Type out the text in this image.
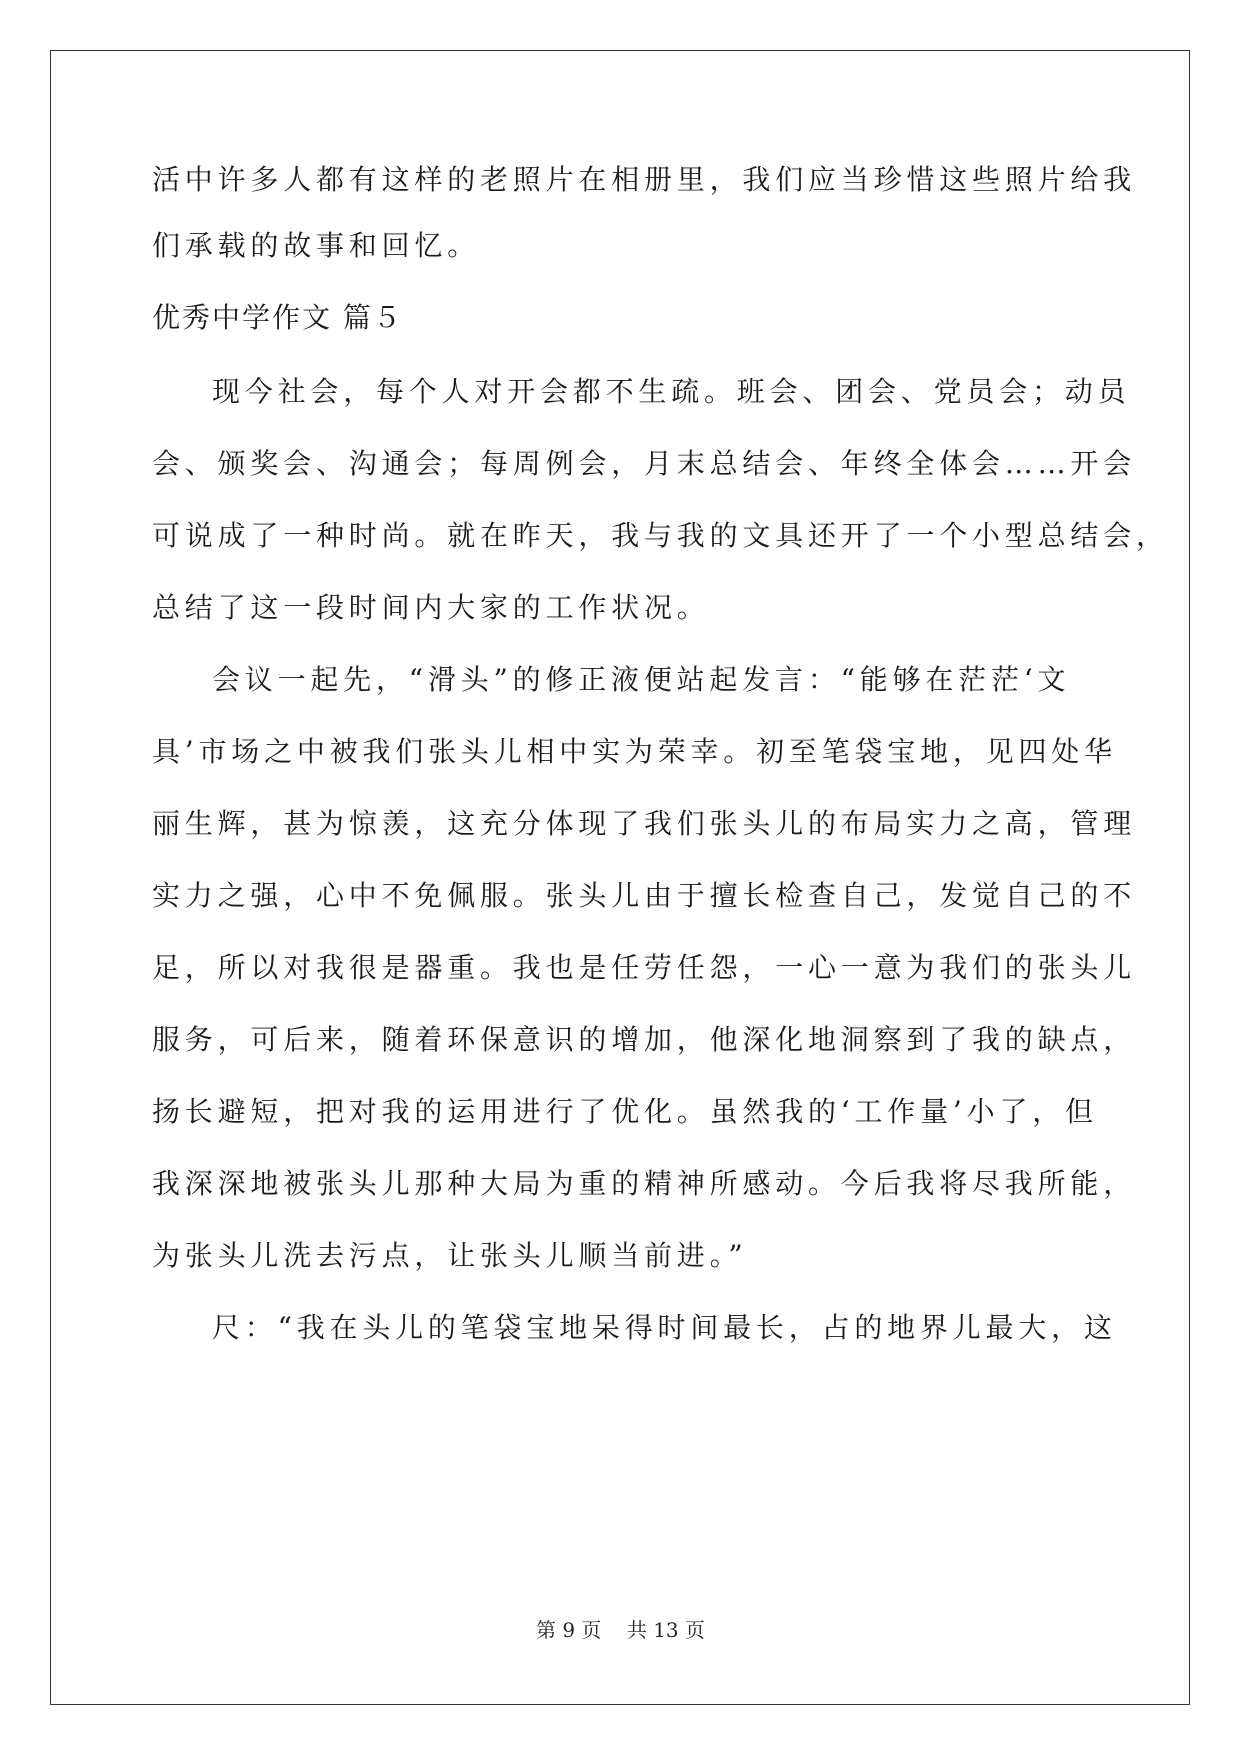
活中许多人都有这样的老照片在相册里，我们应当珍惜这些照片给我
们承载的故事和回忆。
优秀中学作文 篇５
现今社会，每个人对开会都不生疏。班会、团会、党员会；动员
会、颁奖会、沟通会；每周例会，月末总结会、年终全体会……开会
可说成了一种时尚。就在昨天，我与我的文具还开了一个小型总结会，
总结了这一段时间内大家的工作状况。
会议一起先，“滑头”的修正液便站起发言：“能够在茫茫‘文
具’市场之中被我们张头儿相中实为荣幸。初至笔袋宝地，见四处华
丽生辉，甚为惊羡，这充分体现了我们张头儿的布局实力之高，管理
实力之强，心中不免佩服。张头儿由于擅长检查自己，发觉自己的不
足，所以对我很是器重。我也是任劳任怨，一心一意为我们的张头儿
服务，可后来，随着环保意识的增加，他深化地洞察到了我的缺点，
扬长避短，把对我的运用进行了优化。虽然我的‘工作量’小了，但
我深深地被张头儿那种大局为重的精神所感动。今后我将尽我所能，
为张头儿洗去污点，让张头儿顺当前进。”
尺：“我在头儿的笔袋宝地呆得时间最长，占的地界儿最大，这
第 9 页    共 13 页
